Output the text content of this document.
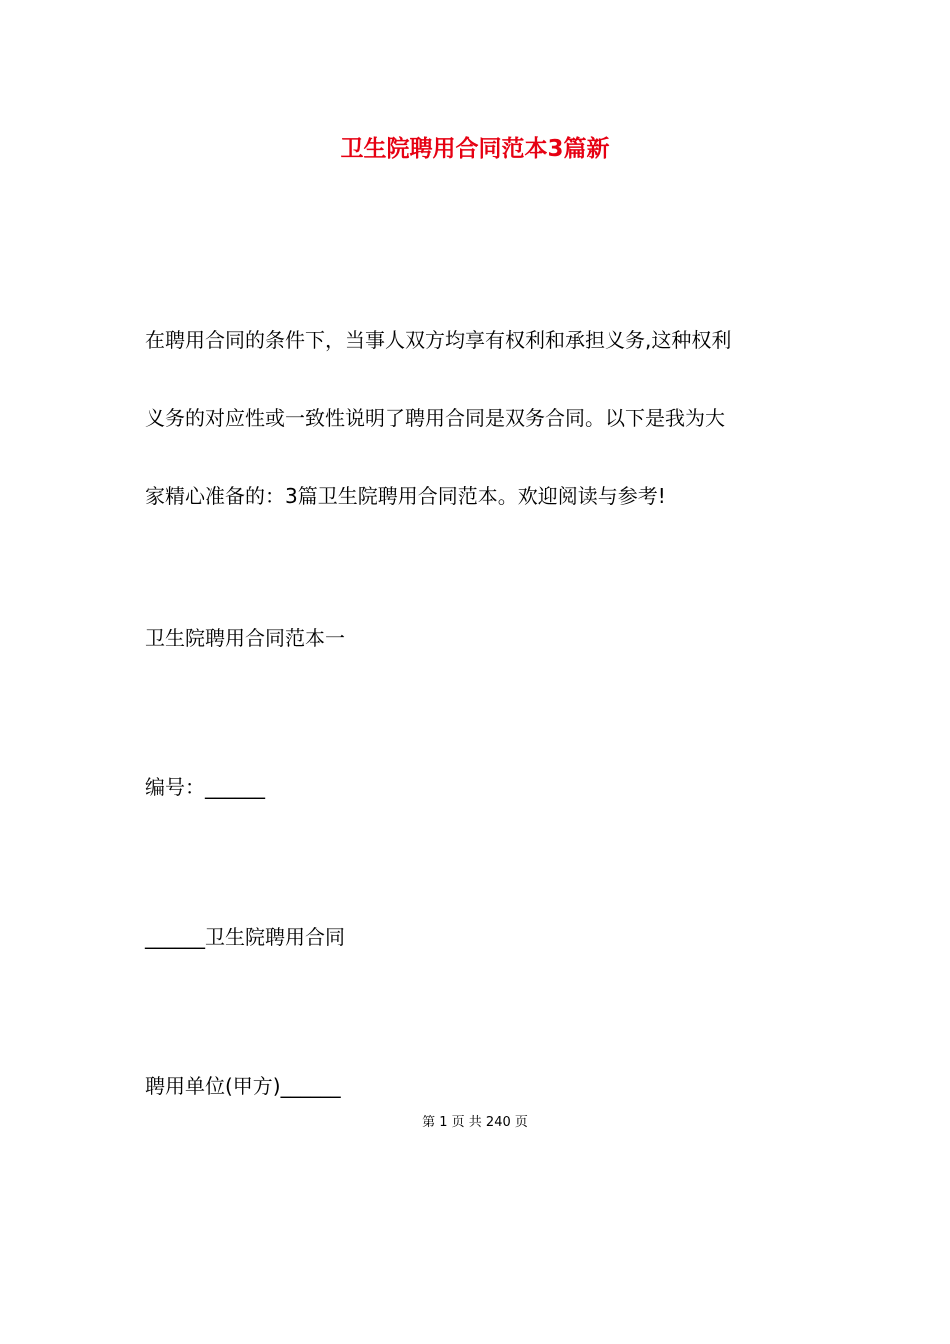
卫生院聘用合同范本3篇新
在聘用合同的条件下，当事人双方均享有权利和承担义务,这种权利
义务的对应性或一致性说明了聘用合同是双务合同。以下是我为大
家精心准备的：3篇卫生院聘用合同范本。欢迎阅读与参考!

卫生院聘用合同范本一

编号：______

______卫生院聘用合同

聘用单位(甲方)______

第 1 页 共 240 页
